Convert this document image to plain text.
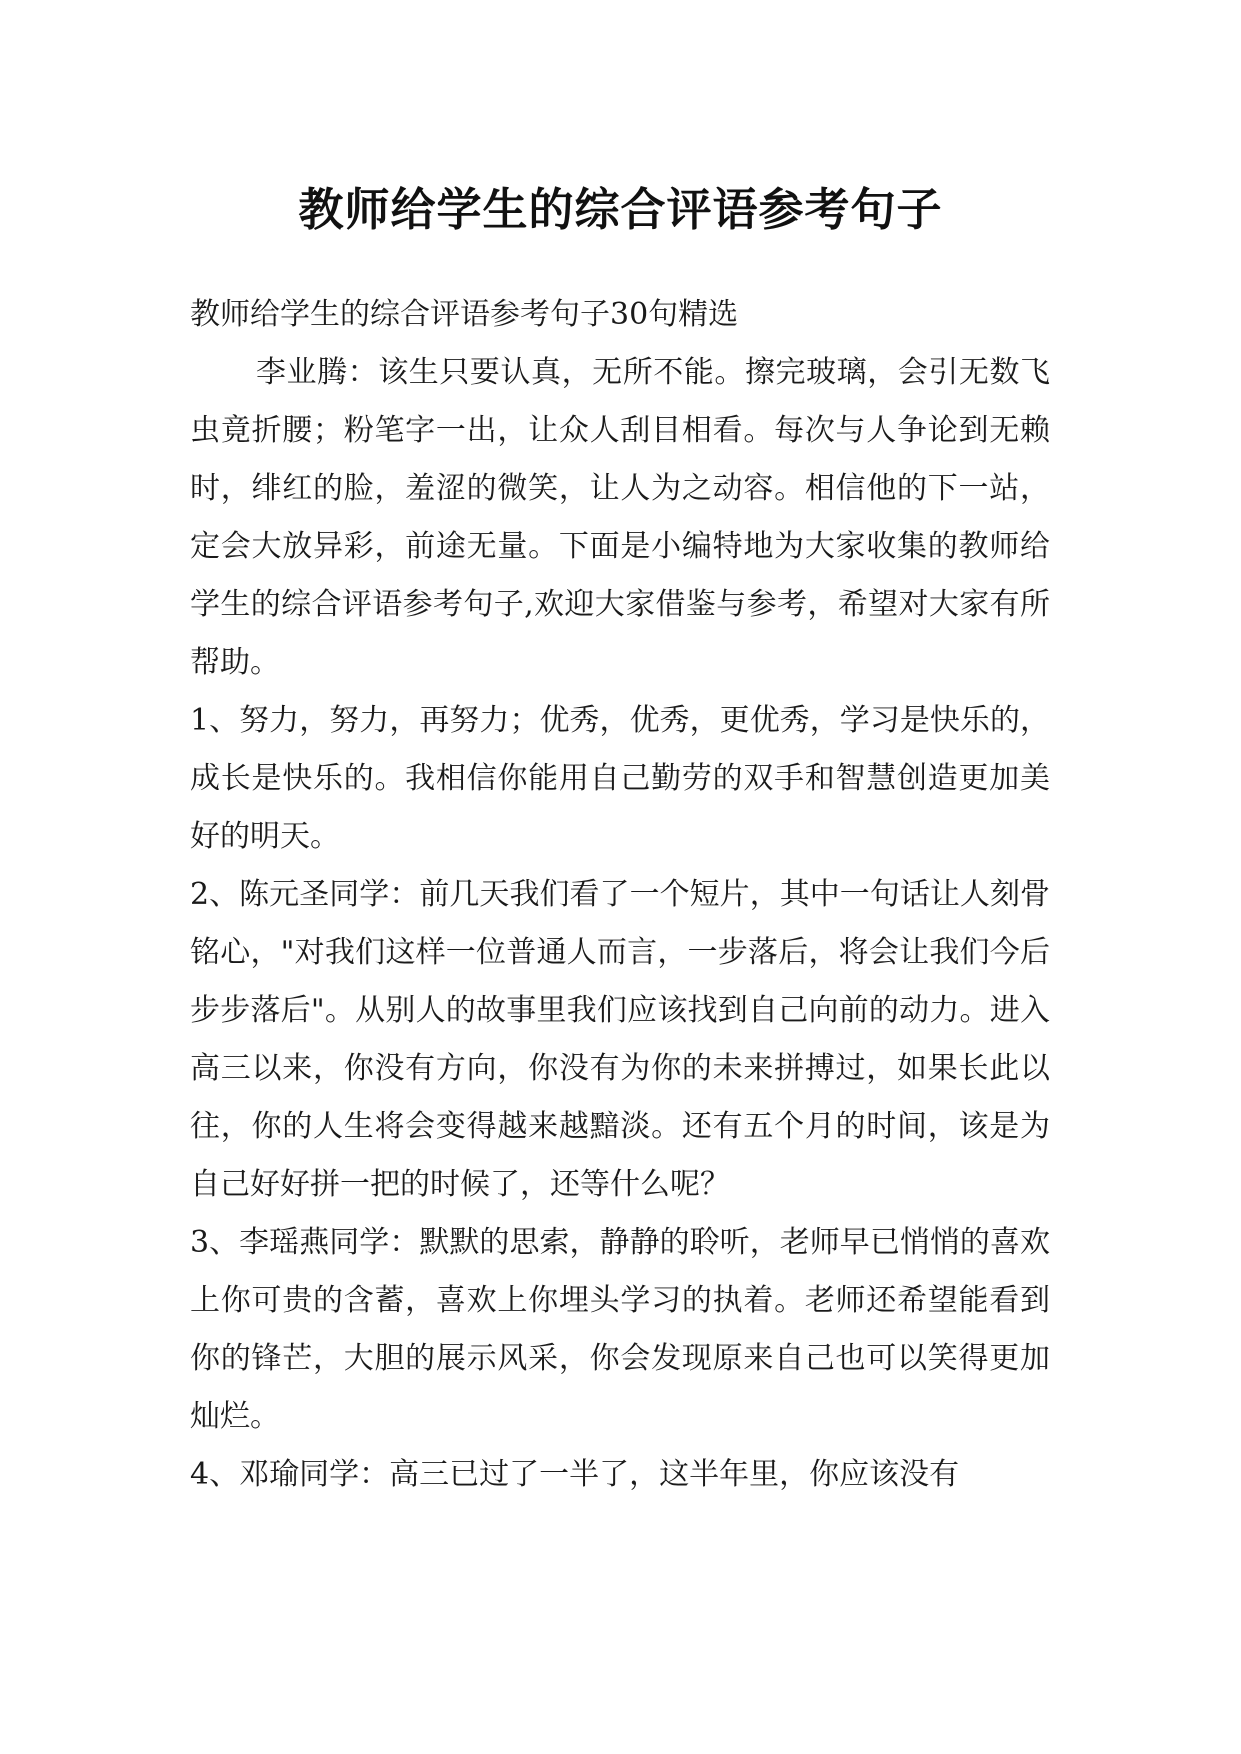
教师给学生的综合评语参考句子

教师给学生的综合评语参考句子30句精选

李业腾：该生只要认真，无所不能。擦完玻璃，会引无数飞虫竟折腰；粉笔字一出，让众人刮目相看。每次与人争论到无赖时，绯红的脸，羞涩的微笑，让人为之动容。相信他的下一站，定会大放异彩，前途无量。下面是小编特地为大家收集的教师给学生的综合评语参考句子,欢迎大家借鉴与参考，希望对大家有所帮助。

1、努力，努力，再努力；优秀，优秀，更优秀，学习是快乐的，成长是快乐的。我相信你能用自己勤劳的双手和智慧创造更加美好的明天。

2、陈元圣同学：前几天我们看了一个短片，其中一句话让人刻骨铭心，"对我们这样一位普通人而言，一步落后，将会让我们今后步步落后"。从别人的故事里我们应该找到自己向前的动力。进入高三以来，你没有方向，你没有为你的未来拼搏过，如果长此以往，你的人生将会变得越来越黯淡。还有五个月的时间，该是为自己好好拼一把的时候了，还等什么呢？

3、李瑶燕同学：默默的思索，静静的聆听，老师早已悄悄的喜欢上你可贵的含蓄，喜欢上你埋头学习的执着。老师还希望能看到你的锋芒，大胆的展示风采，你会发现原来自己也可以笑得更加灿烂。

4、邓瑜同学：高三已过了一半了，这半年里，你应该没有
